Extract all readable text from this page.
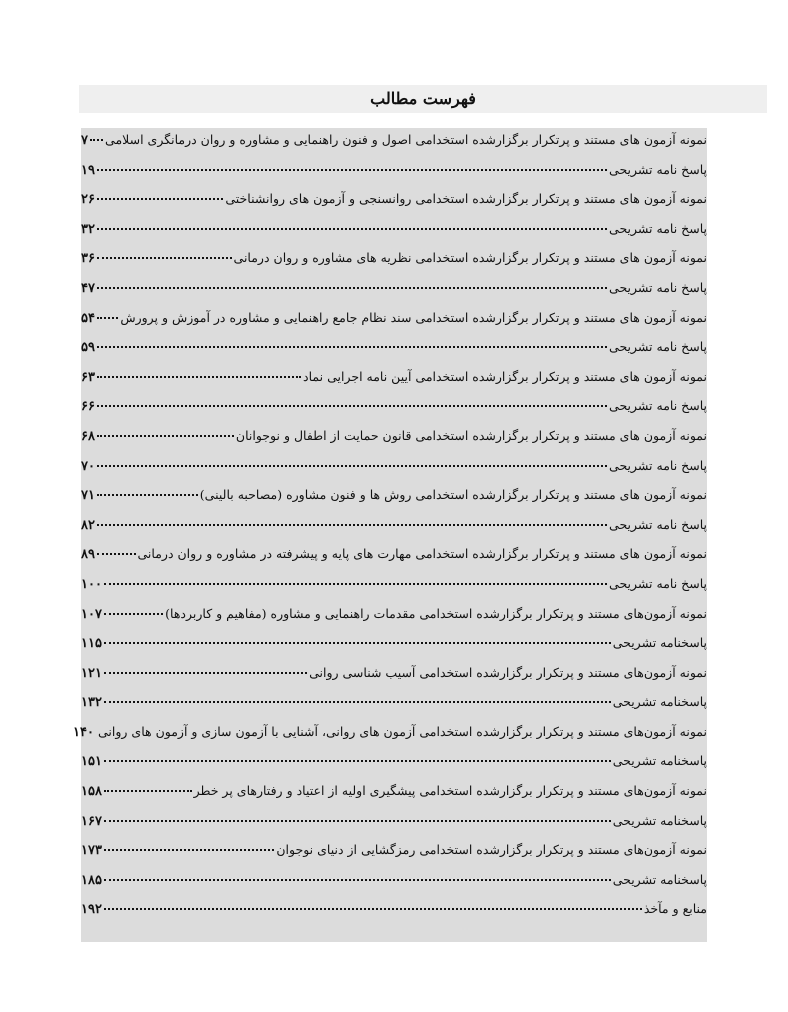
فهرست مطالب
نمونه آزمون های مستند و پرتکرار برگزارشده استخدامی اصول و فنون راهنمایی و مشاوره و روان درمانگری اسلامی
۷
پاسخ نامه تشریحی
۱۹
نمونه آزمون های مستند و پرتکرار برگزارشده استخدامی روانسنجی و آزمون های روانشناختی
۲۶
پاسخ نامه تشریحی
۳۲
نمونه آزمون های مستند و پرتکرار برگزارشده استخدامی نظریه های مشاوره و روان درمانی
۳۶
پاسخ نامه تشریحی
۴۷
نمونه آزمون های مستند و پرتکرار برگزارشده استخدامی سند نظام جامع راهنمایی و مشاوره در آموزش و پرورش
۵۴
پاسخ نامه تشریحی
۵۹
نمونه آزمون های مستند و پرتکرار برگزارشده استخدامی آیین نامه اجرایی نماد
۶۳
پاسخ نامه تشریحی
۶۶
نمونه آزمون های مستند و پرتکرار برگزارشده استخدامی قانون حمایت از اطفال و نوجوانان
۶۸
پاسخ نامه تشریحی
۷۰
نمونه آزمون های مستند و پرتکرار برگزارشده استخدامی روش ها و فنون مشاوره (مصاحبه بالینی)
۷۱
پاسخ نامه تشریحی
۸۲
نمونه آزمون های مستند و پرتکرار برگزارشده استخدامی مهارت های پایه و پیشرفته در مشاوره و روان درمانی
۸۹
پاسخ نامه تشریحی
۱۰۰
نمونه آزمون‌های مستند و پرتکرار برگزارشده استخدامی مقدمات راهنمایی و مشاوره (مفاهیم و کاربردها)
۱۰۷
پاسخنامه تشریحی
۱۱۵
نمونه آزمون‌های مستند و پرتکرار برگزارشده استخدامی آسیب شناسی روانی
۱۲۱
پاسخنامه تشریحی
۱۳۲
نمونه آزمون‌های مستند و پرتکرار برگزارشده استخدامی آزمون های روانی، آشنایی با آزمون سازی و آزمون های روانی
۱۴۰
پاسخنامه تشریحی
۱۵۱
نمونه آزمون‌های مستند و پرتکرار برگزارشده استخدامی پیشگیری اولیه از اعتیاد و رفتارهای پر خطر
۱۵۸
پاسخنامه تشریحی
۱۶۷
نمونه آزمون‌های مستند و پرتکرار برگزارشده استخدامی رمزگشایی از دنیای نوجوان
۱۷۳
پاسخنامه تشریحی
۱۸۵
منابع و مآخذ
۱۹۲
